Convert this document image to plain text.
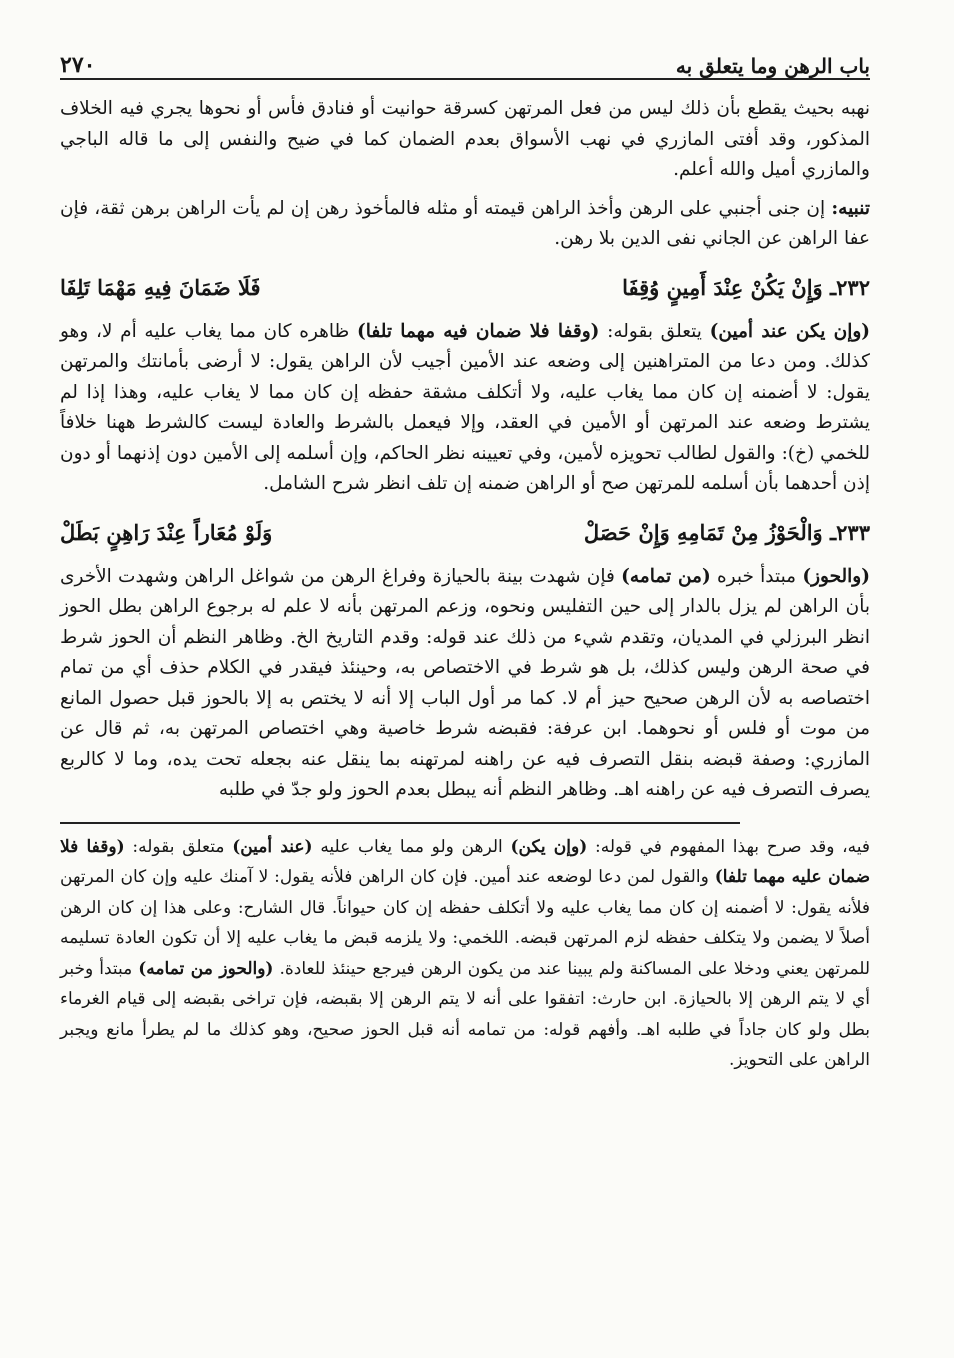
باب الرهن وما يتعلق به
٢٧٠

نهبه بحيث يقطع بأن ذلك ليس من فعل المرتهن كسرقة حوانيت أو فنادق فأس أو نحوها يجري فيه الخلاف المذكور، وقد أفتى المازري في نهب الأسواق بعدم الضمان كما في ضيح والنفس إلى ما قاله الباجي والمازري أميل والله أعلم.

تنبيه: إن جنى أجنبي على الرهن وأخذ الراهن قيمته أو مثله فالمأخوذ رهن إن لم يأت الراهن برهن ثقة، فإن عفا الراهن عن الجاني نفى الدين بلا رهن.

٢٣٢ـ وَإِنْ يَكُنْ عِنْدَ أَمِينٍ وُقِفَا
فَلَا ضَمَانَ فِيهِ مَهْمَا تَلِفَا

(وإن يكن عند أمين) يتعلق بقوله: (وقفا فلا ضمان فيه مهما تلفا) ظاهره كان مما يغاب عليه أم لا، وهو كذلك. ومن دعا من المتراهنين إلى وضعه عند الأمين أجيب لأن الراهن يقول: لا أرضى بأمانتك والمرتهن يقول: لا أضمنه إن كان مما يغاب عليه، ولا أتكلف مشقة حفظه إن كان مما لا يغاب عليه، وهذا إذا لم يشترط وضعه عند المرتهن أو الأمين في العقد، وإلا فيعمل بالشرط والعادة ليست كالشرط ههنا خلافاً للخمي (خ): والقول لطالب تحويزه لأمين، وفي تعيينه نظر الحاكم، وإن أسلمه إلى الأمين دون إذنهما أو دون إذن أحدهما بأن أسلمه للمرتهن صح أو الراهن ضمنه إن تلف انظر شرح الشامل.

٢٣٣ـ وَالْحَوْزُ مِنْ تَمَامِهِ وَإِنْ حَصَلْ
وَلَوْ مُعَاراً عِنْدَ رَاهِنٍ بَطَلْ

(والحوز) مبتدأ خبره (من تمامه) فإن شهدت بينة بالحيازة وفراغ الرهن من شواغل الراهن وشهدت الأخرى بأن الراهن لم يزل بالدار إلى حين التفليس ونحوه، وزعم المرتهن بأنه لا علم له برجوع الراهن بطل الحوز انظر البرزلي في المديان، وتقدم شيء من ذلك عند قوله: وقدم التاريخ الخ. وظاهر النظم أن الحوز شرط في صحة الرهن وليس كذلك، بل هو شرط في الاختصاص به، وحينئذ فيقدر في الكلام حذف أي من تمام اختصاصه به لأن الرهن صحيح حيز أم لا. كما مر أول الباب إلا أنه لا يختص به إلا بالحوز قبل حصول المانع من موت أو فلس أو نحوهما. ابن عرفة: فقبضه شرط خاصية وهي اختصاص المرتهن به، ثم قال عن المازري: وصفة قبضه بنقل التصرف فيه عن راهنه لمرتهنه بما ينقل عنه بجعله تحت يده، وما لا كالربع يصرف التصرف فيه عن راهنه اهـ. وظاهر النظم أنه يبطل بعدم الحوز ولو جدّ في طلبه

فيه، وقد صرح بهذا المفهوم في قوله: (وإن يكن) الرهن ولو مما يغاب عليه (عند أمين) متعلق بقوله: (وقفا فلا ضمان عليه مهما تلفا) والقول لمن دعا لوضعه عند أمين. فإن كان الراهن فلأنه يقول: لا آمنك عليه وإن كان المرتهن فلأنه يقول: لا أضمنه إن كان مما يغاب عليه ولا أتكلف حفظه إن كان حيواناً. قال الشارح: وعلى هذا إن كان الرهن أصلاً لا يضمن ولا يتكلف حفظه لزم المرتهن قبضه. اللخمي: ولا يلزمه قبض ما يغاب عليه إلا أن تكون العادة تسليمه للمرتهن يعني ودخلا على المساكنة ولم يبينا عند من يكون الرهن فيرجع حينئذ للعادة. (والحوز من تمامه) مبتدأ وخبر أي لا يتم الرهن إلا بالحيازة. ابن حارث: اتفقوا على أنه لا يتم الرهن إلا بقبضه، فإن تراخى بقبضه إلى قيام الغرماء بطل ولو كان جاداً في طلبه اهـ. وأفهم قوله: من تمامه أنه قبل الحوز صحيح، وهو كذلك ما لم يطرأ مانع ويجبر الراهن على التحويز.
